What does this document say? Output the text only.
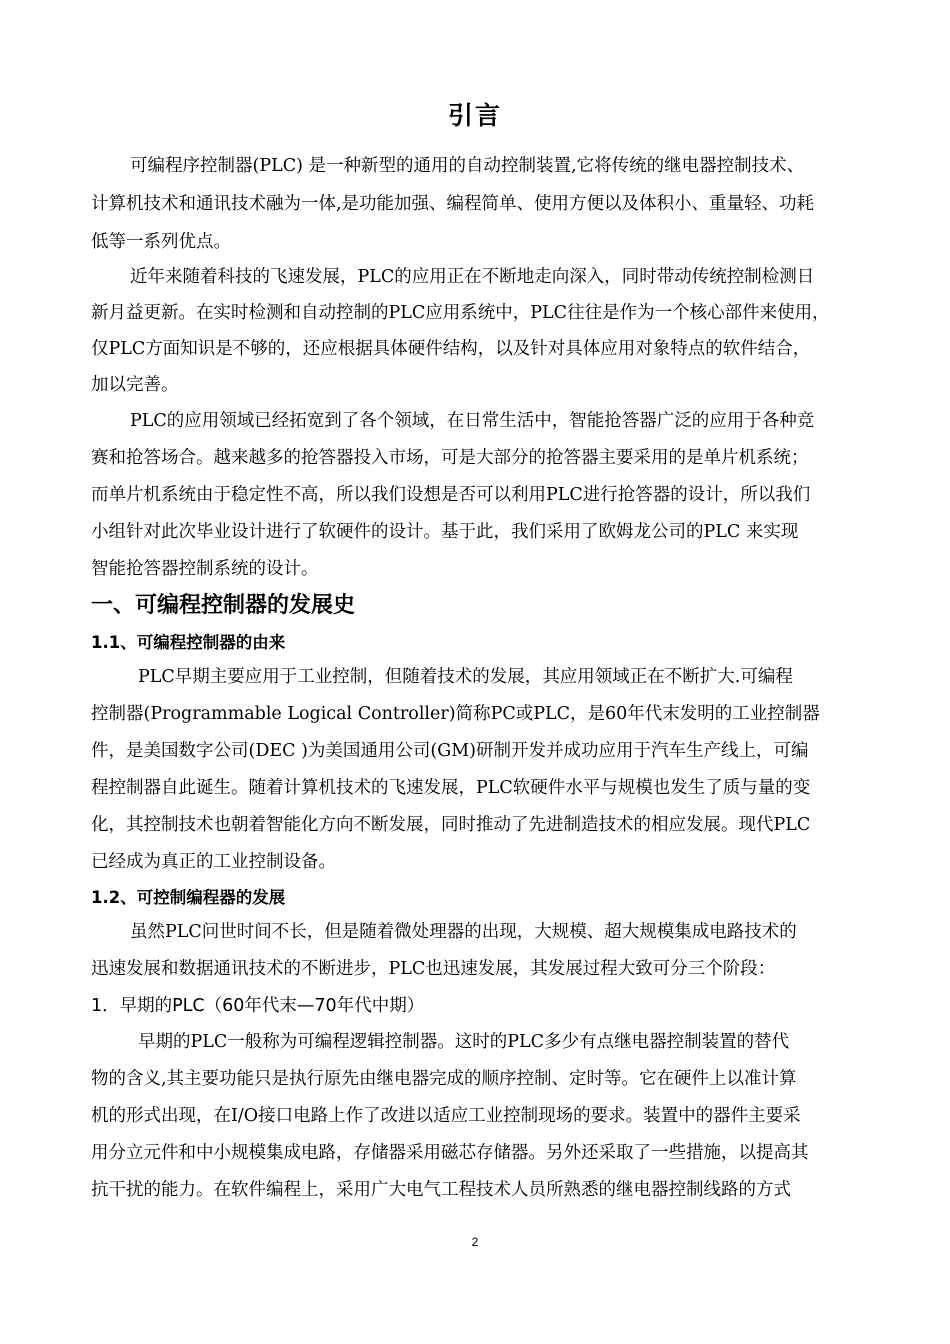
引言
可编程序控制器(PLC) 是一种新型的通用的自动控制装置,它将传统的继电器控制技术、
计算机技术和通讯技术融为一体,是功能加强、编程简单、使用方便以及体积小、重量轻、功耗
低等一系列优点。
近年来随着科技的飞速发展，PLC的应用正在不断地走向深入，同时带动传统控制检测日
新月益更新。在实时检测和自动控制的PLC应用系统中，PLC往往是作为一个核心部件来使用，
仅PLC方面知识是不够的，还应根据具体硬件结构，以及针对具体应用对象特点的软件结合，
加以完善。
PLC的应用领域已经拓宽到了各个领域，在日常生活中，智能抢答器广泛的应用于各种竞
赛和抢答场合。越来越多的抢答器投入市场，可是大部分的抢答器主要采用的是单片机系统；
而单片机系统由于稳定性不高，所以我们设想是否可以利用PLC进行抢答器的设计，所以我们
小组针对此次毕业设计进行了软硬件的设计。基于此，我们采用了欧姆龙公司的PLC 来实现
智能抢答器控制系统的设计。
一、可编程控制器的发展史
1.1、可编程控制器的由来
PLC早期主要应用于工业控制，但随着技术的发展，其应用领域正在不断扩大.可编程
控制器(Programmable Logical Controller)简称PC或PLC，是60年代末发明的工业控制器
件，是美国数字公司(DEC )为美国通用公司(GM)研制开发并成功应用于汽车生产线上，可编
程控制器自此诞生。随着计算机技术的飞速发展，PLC软硬件水平与规模也发生了质与量的变
化，其控制技术也朝着智能化方向不断发展，同时推动了先进制造技术的相应发展。现代PLC
已经成为真正的工业控制设备。
1.2、可控制编程器的发展
虽然PLC问世时间不长，但是随着微处理器的出现，大规模、超大规模集成电路技术的
迅速发展和数据通讯技术的不断进步，PLC也迅速发展，其发展过程大致可分三个阶段：
1．早期的PLC（60年代末—70年代中期）
早期的PLC一般称为可编程逻辑控制器。这时的PLC多少有点继电器控制装置的替代
物的含义,其主要功能只是执行原先由继电器完成的顺序控制、定时等。它在硬件上以准计算
机的形式出现，在I/O接口电路上作了改进以适应工业控制现场的要求。装置中的器件主要采
用分立元件和中小规模集成电路，存储器采用磁芯存储器。另外还采取了一些措施，以提高其
抗干扰的能力。在软件编程上，采用广大电气工程技术人员所熟悉的继电器控制线路的方式
2
